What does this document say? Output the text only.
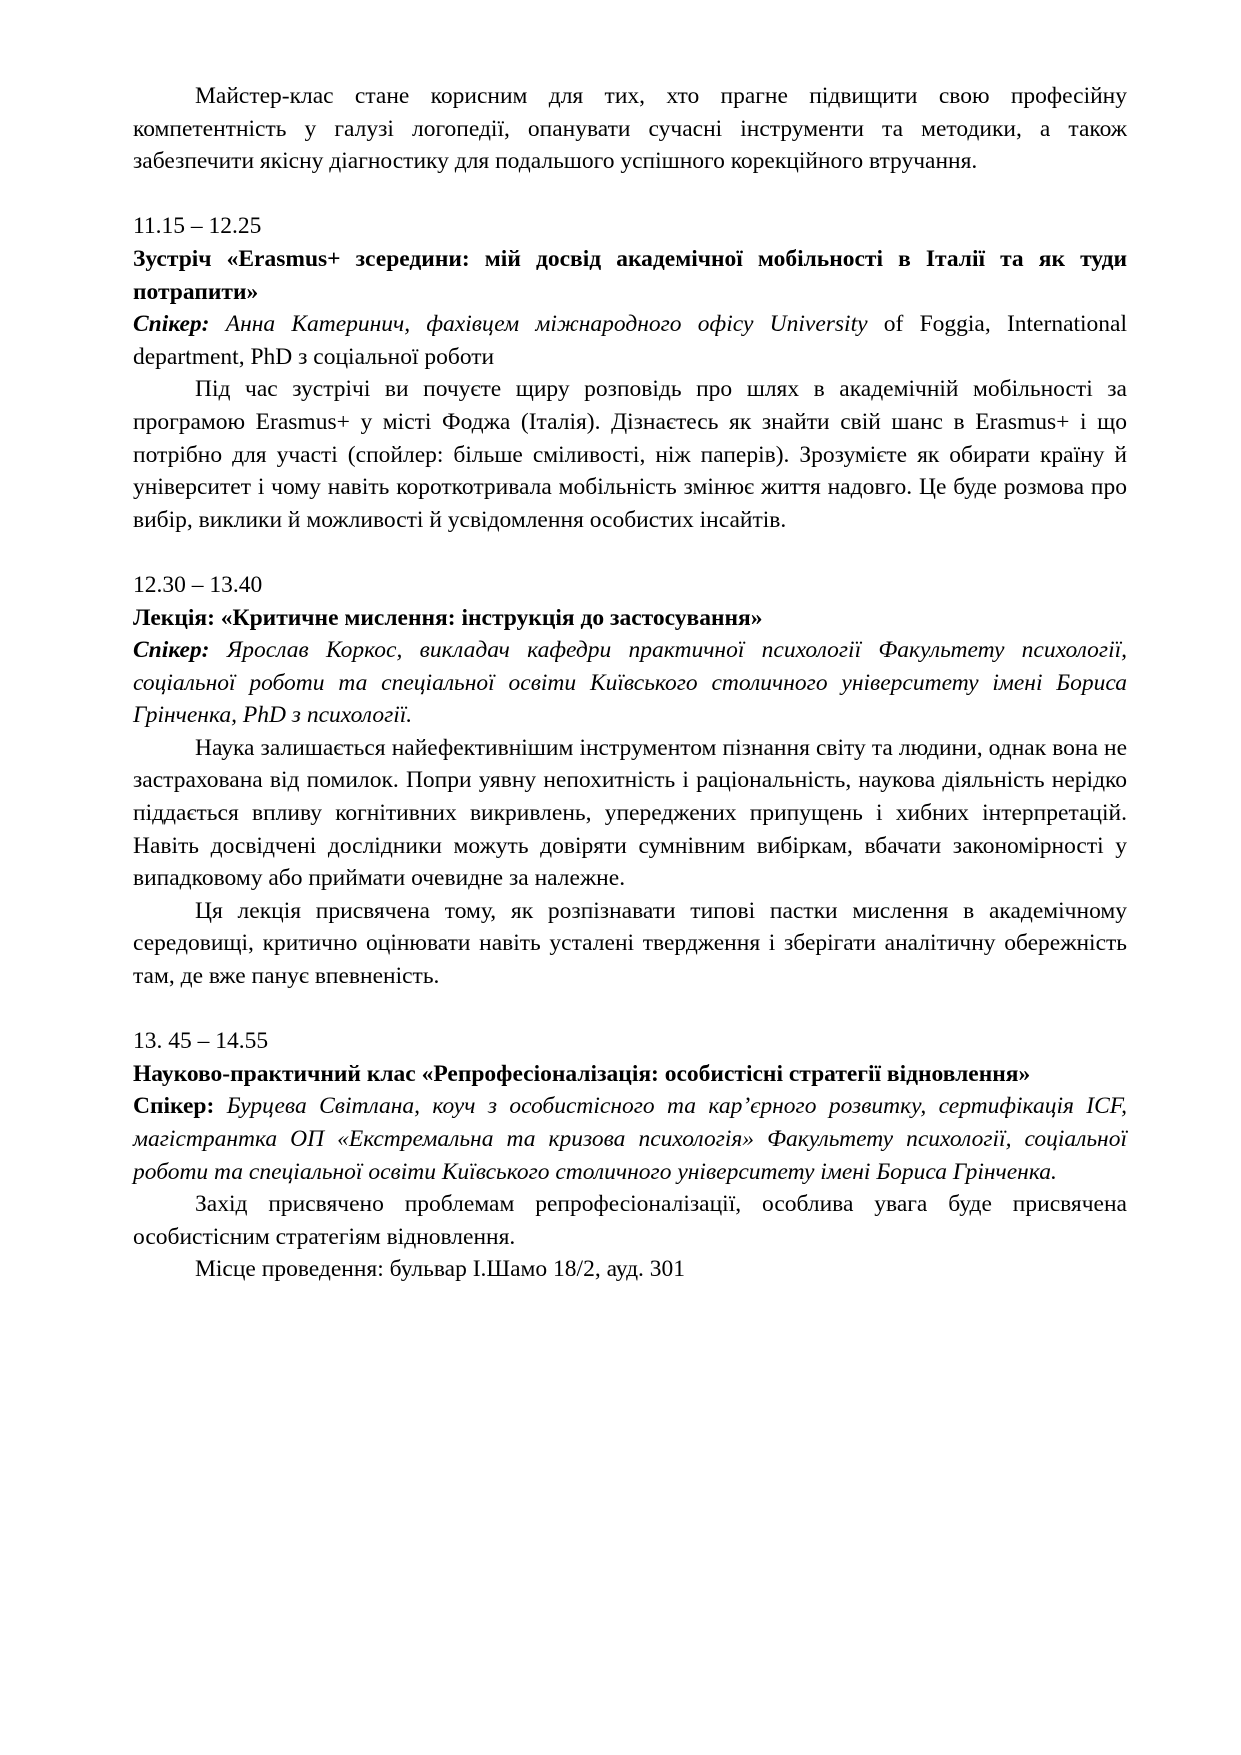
Майстер-клас стане корисним для тих, хто прагне підвищити свою професійну компетентність у галузі логопедії, опанувати сучасні інструменти та методики, а також забезпечити якісну діагностику для подальшого успішного корекційного втручання.

11.15 – 12.25

Зустріч «Erasmus+ зсередини: мій досвід академічної мобільності в Італії та як туди потрапити»

Спікер: Анна Катеринич, фахівцем міжнародного офісу University of Foggia, International department, PhD з соціальної роботи

Під час зустрічі ви почуєте щиру розповідь про шлях в академічній мобільності за програмою Erasmus+ у місті Фоджа (Італія). Дізнаєтесь як знайти свій шанс в Erasmus+ і що потрібно для участі (спойлер: більше сміливості, ніж паперів). Зрозумієте як обирати країну й університет і чому навіть короткотривала мобільність змінює життя надовго. Це буде розмова про вибір, виклики й можливості й усвідомлення особистих інсайтів.

12.30 – 13.40

Лекція: «Критичне мислення: інструкція до застосування»

Спікер: Ярослав Коркос, викладач кафедри практичної психології Факультету психології, соціальної роботи та спеціальної освіти Київського столичного університету імені Бориса Грінченка, PhD з психології.

Наука залишається найефективнішим інструментом пізнання світу та людини, однак вона не застрахована від помилок. Попри уявну непохитність і раціональність, наукова діяльність нерідко піддається впливу когнітивних викривлень, упереджених припущень і хибних інтерпретацій. Навіть досвідчені дослідники можуть довіряти сумнівним вибіркам, вбачати закономірності у випадковому або приймати очевидне за належне.

Ця лекція присвячена тому, як розпізнавати типові пастки мислення в академічному середовищі, критично оцінювати навіть усталені твердження і зберігати аналітичну обережність там, де вже панує впевненість.

13. 45 – 14.55

Науково-практичний клас «Репрофесіоналізація: особистісні стратегії відновлення»

Спікер: Бурцева Світлана, коуч з особистісного та кар’єрного розвитку, сертифікація ICF, магістрантка ОП «Екстремальна та кризова психологія» Факультету психології, соціальної роботи та спеціальної освіти Київського столичного університету імені Бориса Грінченка.

Захід присвячено проблемам репрофесіоналізації, особлива увага буде присвячена особистісним стратегіям відновлення.

Місце проведення: бульвар І.Шамо 18/2, ауд. 301
